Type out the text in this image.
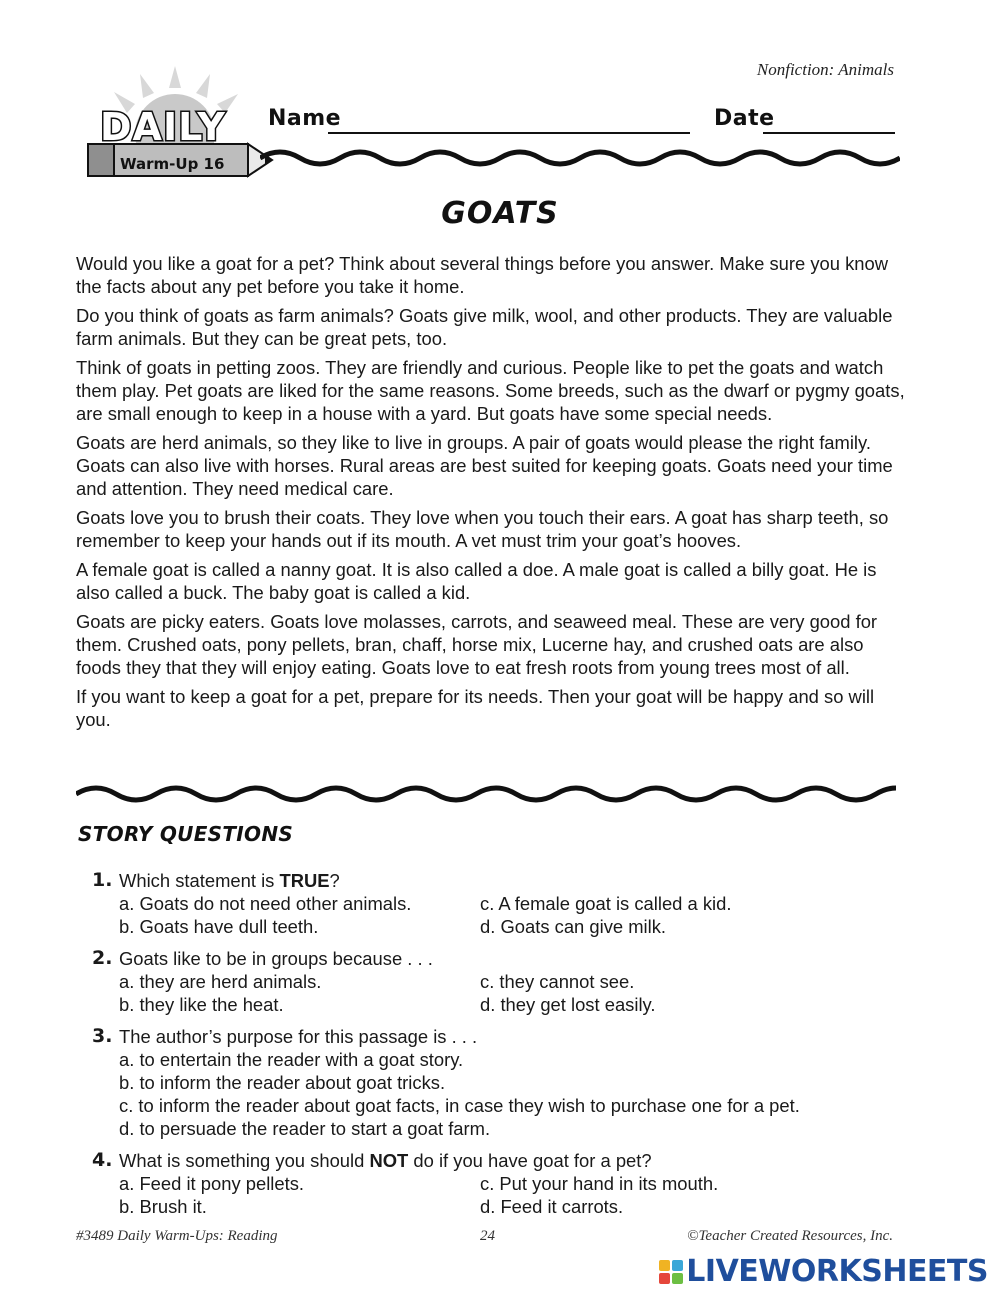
Nonfiction: Animals
DAILY
Warm-Up 16
Name	Date
GOATS

Would you like a goat for a pet? Think about several things before you answer. Make sure you know the facts about any pet before you take it home.

Do you think of goats as farm animals? Goats give milk, wool, and other products. They are valuable farm animals. But they can be great pets, too.

Think of goats in petting zoos. They are friendly and curious. People like to pet the goats and watch them play. Pet goats are liked for the same reasons. Some breeds, such as the dwarf or pygmy goats, are small enough to keep in a house with a yard. But goats have some special needs.

Goats are herd animals, so they like to live in groups. A pair of goats would please the right family. Goats can also live with horses. Rural areas are best suited for keeping goats. Goats need your time and attention. They need medical care.

Goats love you to brush their coats. They love when you touch their ears. A goat has sharp teeth, so remember to keep your hands out if its mouth. A vet must trim your goat’s hooves.

A female goat is called a nanny goat. It is also called a doe. A male goat is called a billy goat. He is also called a buck. The baby goat is called a kid.

Goats are picky eaters. Goats love molasses, carrots, and seaweed meal. These are very good for them. Crushed oats, pony pellets, bran, chaff, horse mix, Lucerne hay, and crushed oats are also foods they that they will enjoy eating. Goats love to eat fresh roots from young trees most of all.

If you want to keep a goat for a pet, prepare for its needs. Then your goat will be happy and so will you.

STORY QUESTIONS
1. Which statement is TRUE?
a. Goats do not need other animals.	c. A female goat is called a kid.
b. Goats have dull teeth.	d. Goats can give milk.
2. Goats like to be in groups because . . .
a. they are herd animals.	c. they cannot see.
b. they like the heat.	d. they get lost easily.
3. The author’s purpose for this passage is . . .
a. to entertain the reader with a goat story.
b. to inform the reader about goat tricks.
c. to inform the reader about goat facts, in case they wish to purchase one for a pet.
d. to persuade the reader to start a goat farm.
4. What is something you should NOT do if you have goat for a pet?
a. Feed it pony pellets.	c. Put your hand in its mouth.
b. Brush it.	d. Feed it carrots.
#3489 Daily Warm-Ups: Reading	24	©Teacher Created Resources, Inc.
LIVEWORKSHEETS
